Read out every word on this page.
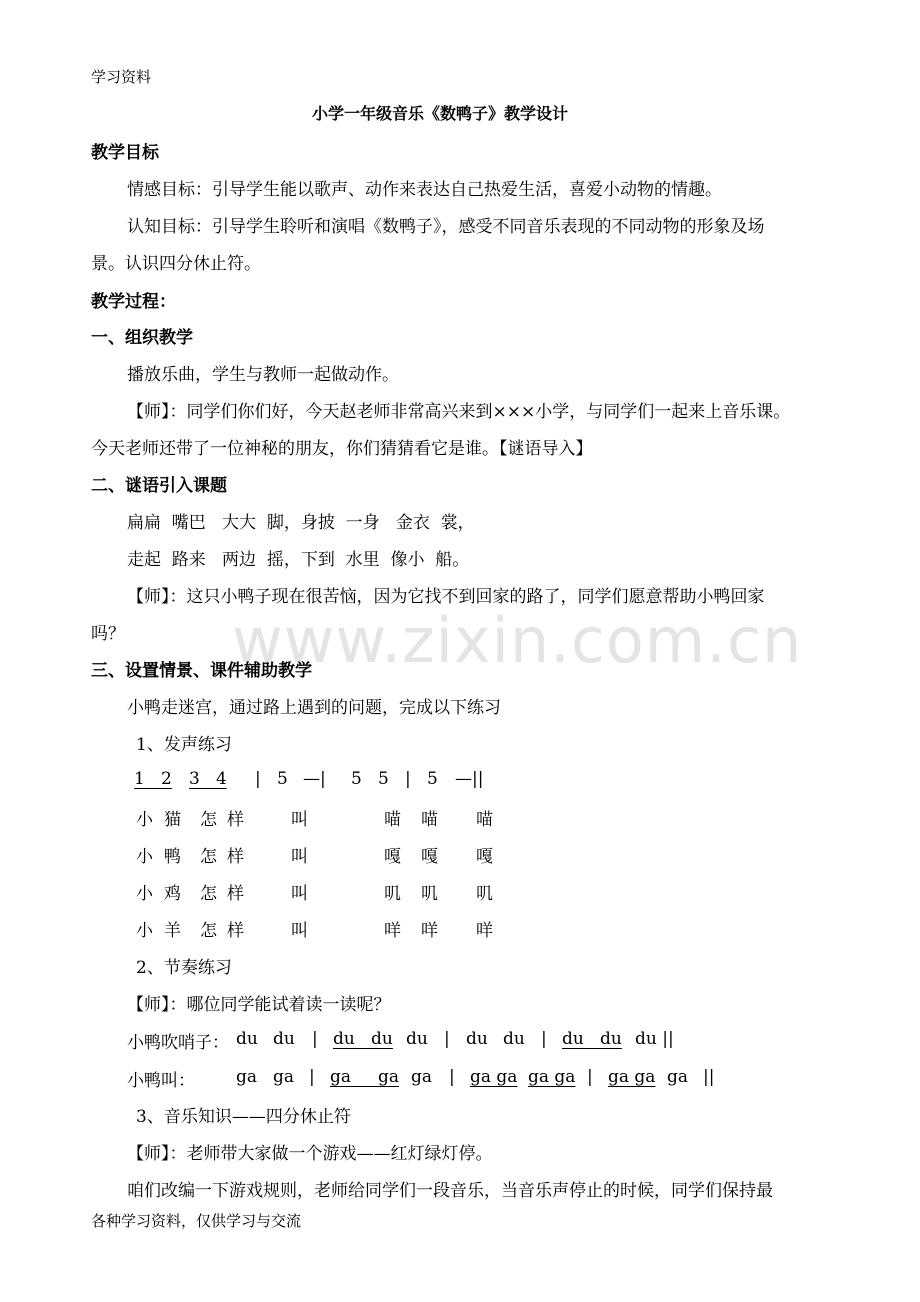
学习资料
小学一年级音乐《数鸭子》教学设计
教学目标
情感目标：引导学生能以歌声、动作来表达自己热爱生活，喜爱小动物的情趣。
认知目标：引导学生聆听和演唱《数鸭子》，感受不同音乐表现的不同动物的形象及场
景。认识四分休止符。
教学过程：
一、组织教学
播放乐曲，学生与教师一起做动作。
【师】：同学们你们好，今天赵老师非常高兴来到×××小学，与同学们一起来上音乐课。
今天老师还带了一位神秘的朋友，你们猜猜看它是谁。【谜语导入】
二、谜语引入课题
扁扁  嘴巴   大大  脚，身披  一身   金衣  裳，
走起  路来   两边  摇，下到  水里  像小  船。
【师】：这只小鸭子现在很苦恼，因为它找不到回家的路了，同学们愿意帮助小鸭回家
吗？ www.zixin.com.cn
三、设置情景、课件辅助教学
小鸭走迷宫，通过路上遇到的问题，完成以下练习
1、发声练习
1   2 3   4 | 5 —| 5 5 | 5 —||
小 猫 怎 样	叫	喵 喵 喵
小 鸭 怎 样	叫	嘎 嘎 嘎
小 鸡 怎 样	叫	叽 叽 叽
小 羊 怎 样	叫	咩 咩 咩
2、节奏练习
【师】：哪位同学能试着读一读呢？
小鸭吹哨子： du du | du   du du | du du | du   du du ||
小鸭叫： ga ga | ga     ga ga | ga ga ga ga | ga ga ga ||
3、音乐知识——四分休止符
【师】：老师带大家做一个游戏——红灯绿灯停。
咱们改编一下游戏规则，老师给同学们一段音乐，当音乐声停止的时候，同学们保持最
各种学习资料，仅供学习与交流
